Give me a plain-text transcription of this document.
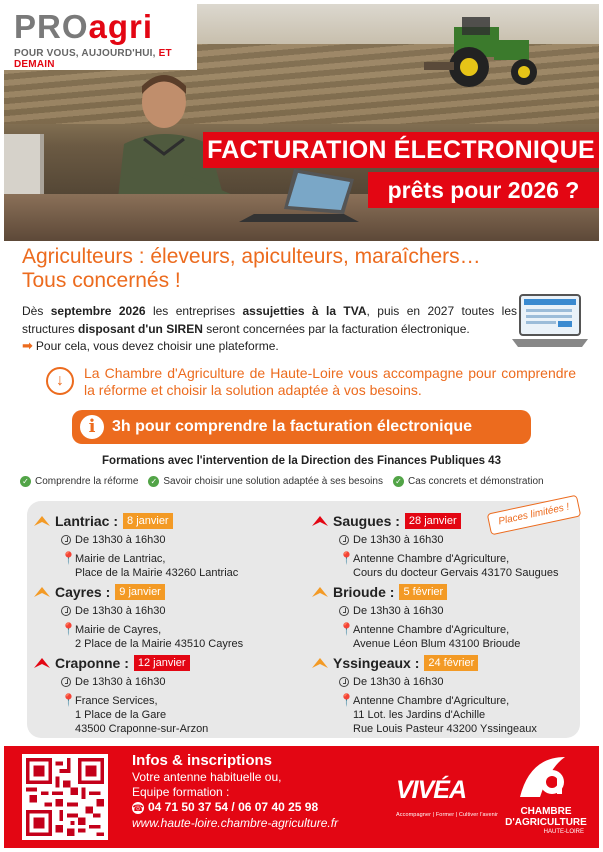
PROagri
POUR VOUS, AUJOURD'HUI, ET DEMAIN
FACTURATION ÉLECTRONIQUE
prêts pour 2026 ?
Agriculteurs : éleveurs, apiculteurs, maraîchers…
Tous concernés !
Dès septembre 2026 les entreprises assujetties à la TVA, puis en 2027 toutes les structures disposant d'un SIREN seront concernées par la facturation électronique.
➡ Pour cela, vous devez choisir une plateforme.
↓	La Chambre d'Agriculture de Haute-Loire vous accompagne pour comprendre la réforme et choisir la solution adaptée à vos besoins.
i	3h pour comprendre la facturation électronique
Formations avec l'intervention de la Direction des Finances Publiques 43
✓ Comprendre la réforme ✓ Savoir choisir une solution adaptée à ses besoins ✓ Cas concrets et démonstration
Places limitées !
Lantriac : 8 janvier
De 13h30 à 16h30
📍 Mairie de Lantriac,
Place de la Mairie 43260 Lantriac
Cayres : 9 janvier
De 13h30 à 16h30
📍 Mairie de Cayres,
2 Place de la Mairie 43510 Cayres
Craponne : 12 janvier
De 13h30 à 16h30
📍 France Services,
1 Place de la Gare
43500 Craponne-sur-Arzon
Saugues : 28 janvier
De 13h30 à 16h30
📍 Antenne Chambre d'Agriculture,
Cours du docteur Gervais 43170 Saugues
Brioude : 5 février
De 13h30 à 16h30
📍 Antenne Chambre d'Agriculture,
Avenue Léon Blum 43100 Brioude
Yssingeaux : 24 février
De 13h30 à 16h30
📍 Antenne Chambre d'Agriculture,
11 Lot. les Jardins d'Achille
Rue Louis Pasteur 43200 Yssingeaux
Infos & inscriptions
Votre antenne habituelle ou,
Equipe formation :
☎ 04 71 50 37 54 / 06 07 40 25 98
www.haute-loire.chambre-agriculture.fr
VIVÉA
Accompagner | Former | Cultiver l'avenir	CHAMBRE
D'AGRICULTURE
HAUTE-LOIRE
